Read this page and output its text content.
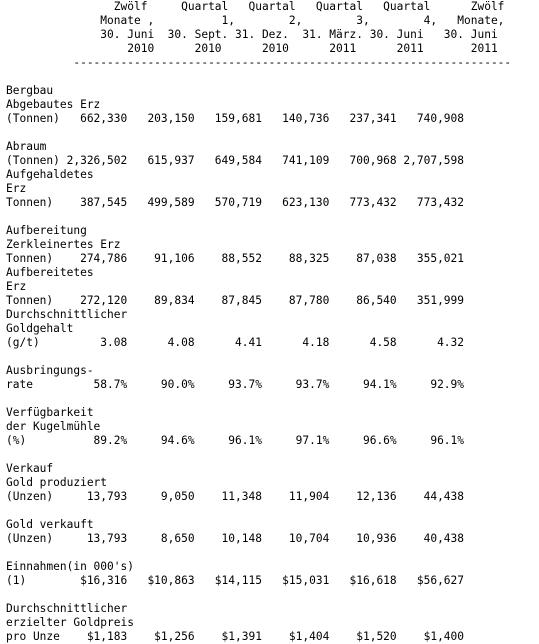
Zwölf     Quartal   Quartal   Quartal   Quartal      Zwölf
Monate ,          1,        2,        3,        4,   Monate,
30. Juni  30. Sept. 31. Dez.  31. März. 30. Juni   30. Juni
2010      2010      2010      2011      2011       2011
-----------------------------------------------------------------
Bergbau
Abgebautes Erz
(Tonnen)   662,330   203,150   159,681   140,736   237,341   740,908
Abraum
(Tonnen) 2,326,502   615,937   649,584   741,109   700,968 2,707,598
Aufgehaldetes
Erz
Tonnen)    387,545   499,589   570,719   623,130   773,432   773,432
Aufbereitung
Zerkleinertes Erz
Tonnen)    274,786    91,106    88,552    88,325    87,038   355,021
Aufbereitetes
Erz
Tonnen)    272,120    89,834    87,845    87,780    86,540   351,999
Durchschnittlicher
Goldgehalt
(g/t)         3.08      4.08      4.41      4.18      4.58      4.32
Ausbringungs-
rate         58.7%     90.0%     93.7%     93.7%     94.1%     92.9%
Verfügbarkeit
der Kugelmühle
(%)          89.2%     94.6%     96.1%     97.1%     96.6%     96.1%
Verkauf
Gold produziert
(Unzen)     13,793     9,050    11,348    11,904    12,136    44,438
Gold verkauft
(Unzen)     13,793     8,650    10,148    10,704    10,936    40,438
Einnahmen(in 000's)
(1)        $16,316   $10,863   $14,115   $15,031   $16,618   $56,627
Durchschnittlicher
erzielter Goldpreis
pro Unze    $1,183    $1,256    $1,391    $1,404    $1,520    $1,400
